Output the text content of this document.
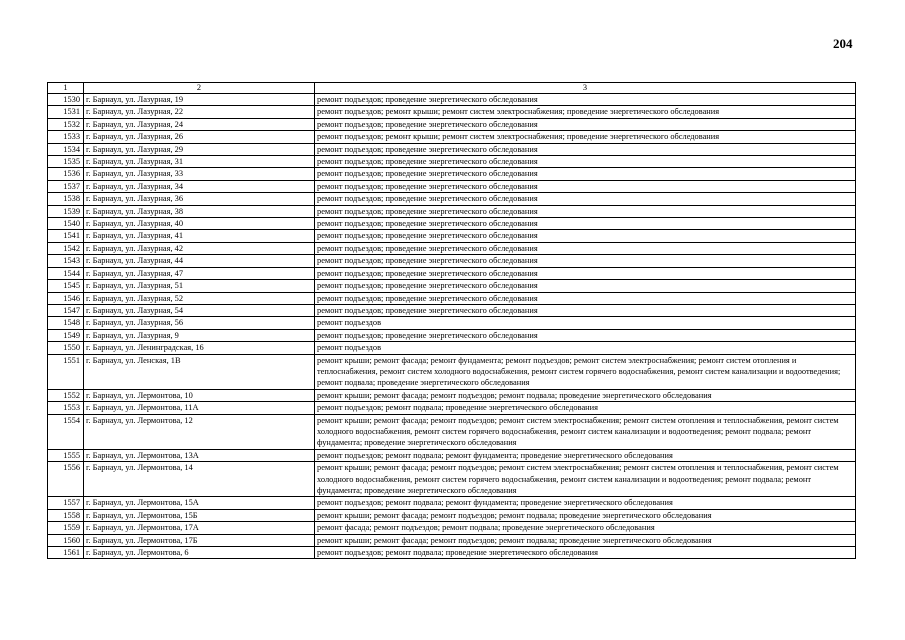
204
1	2	3
1530	г. Барнаул, ул. Лазурная, 19	ремонт подъездов; проведение энергетического обследования
1531	г. Барнаул, ул. Лазурная, 22	ремонт подъездов; ремонт крыши; ремонт систем электроснабжения; проведение энергетического обследования
1532	г. Барнаул, ул. Лазурная, 24	ремонт подъездов; проведение энергетического обследования
1533	г. Барнаул, ул. Лазурная, 26	ремонт подъездов; ремонт крыши; ремонт систем электроснабжения; проведение энергетического обследования
1534	г. Барнаул, ул. Лазурная, 29	ремонт подъездов; проведение энергетического обследования
1535	г. Барнаул, ул. Лазурная, 31	ремонт подъездов; проведение энергетического обследования
1536	г. Барнаул, ул. Лазурная, 33	ремонт подъездов; проведение энергетического обследования
1537	г. Барнаул, ул. Лазурная, 34	ремонт подъездов; проведение энергетического обследования
1538	г. Барнаул, ул. Лазурная, 36	ремонт подъездов; проведение энергетического обследования
1539	г. Барнаул, ул. Лазурная, 38	ремонт подъездов; проведение энергетического обследования
1540	г. Барнаул, ул. Лазурная, 40	ремонт подъездов; проведение энергетического обследования
1541	г. Барнаул, ул. Лазурная, 41	ремонт подъездов; проведение энергетического обследования
1542	г. Барнаул, ул. Лазурная, 42	ремонт подъездов; проведение энергетического обследования
1543	г. Барнаул, ул. Лазурная, 44	ремонт подъездов; проведение энергетического обследования
1544	г. Барнаул, ул. Лазурная, 47	ремонт подъездов; проведение энергетического обследования
1545	г. Барнаул, ул. Лазурная, 51	ремонт подъездов; проведение энергетического обследования
1546	г. Барнаул, ул. Лазурная, 52	ремонт подъездов; проведение энергетического обследования
1547	г. Барнаул, ул. Лазурная, 54	ремонт подъездов; проведение энергетического обследования
1548	г. Барнаул, ул. Лазурная, 56	ремонт подъездов
1549	г. Барнаул, ул. Лазурная, 9	ремонт подъездов; проведение энергетического обследования
1550	г. Барнаул, ул. Ленинградская, 16	ремонт подъездов
1551	г. Барнаул, ул. Ленская, 1В	ремонт крыши; ремонт фасада; ремонт фундамента; ремонт подъездов; ремонт систем электроснабжения; ремонт систем отопления и теплоснабжения, ремонт систем холодного водоснабжения, ремонт систем горячего водоснабжения, ремонт систем канализации и водоотведения; ремонт подвала; проведение энергетического обследования
1552	г. Барнаул, ул. Лермонтова, 10	ремонт крыши; ремонт фасада; ремонт подъездов; ремонт подвала; проведение энергетического обследования
1553	г. Барнаул, ул. Лермонтова, 11А	ремонт подъездов; ремонт подвала; проведение энергетического обследования
1554	г. Барнаул, ул. Лермонтова, 12	ремонт крыши; ремонт фасада; ремонт подъездов; ремонт систем электроснабжения; ремонт систем отопления и теплоснабжения, ремонт систем холодного водоснабжения, ремонт систем горячего водоснабжения, ремонт систем канализации и водоотведения; ремонт подвала; ремонт фундамента; проведение энергетического обследования
1555	г. Барнаул, ул. Лермонтова, 13А	ремонт подъездов; ремонт подвала; ремонт фундамента; проведение энергетического обследования
1556	г. Барнаул, ул. Лермонтова, 14	ремонт крыши; ремонт фасада; ремонт подъездов; ремонт систем электроснабжения; ремонт систем отопления и теплоснабжения, ремонт систем холодного водоснабжения, ремонт систем горячего водоснабжения, ремонт систем канализации и водоотведения; ремонт подвала; ремонт фундамента; проведение энергетического обследования
1557	г. Барнаул, ул. Лермонтова, 15А	ремонт подъездов; ремонт подвала; ремонт фундамента; проведение энергетического обследования
1558	г. Барнаул, ул. Лермонтова, 15Б	ремонт крыши; ремонт фасада; ремонт подъездов; ремонт подвала; проведение энергетического обследования
1559	г. Барнаул, ул. Лермонтова, 17А	ремонт фасада; ремонт подъездов; ремонт подвала; проведение энергетического обследования
1560	г. Барнаул, ул. Лермонтова, 17Б	ремонт крыши; ремонт фасада; ремонт подъездов; ремонт подвала; проведение энергетического обследования
1561	г. Барнаул, ул. Лермонтова, 6	ремонт подъездов; ремонт подвала; проведение энергетического обследования
